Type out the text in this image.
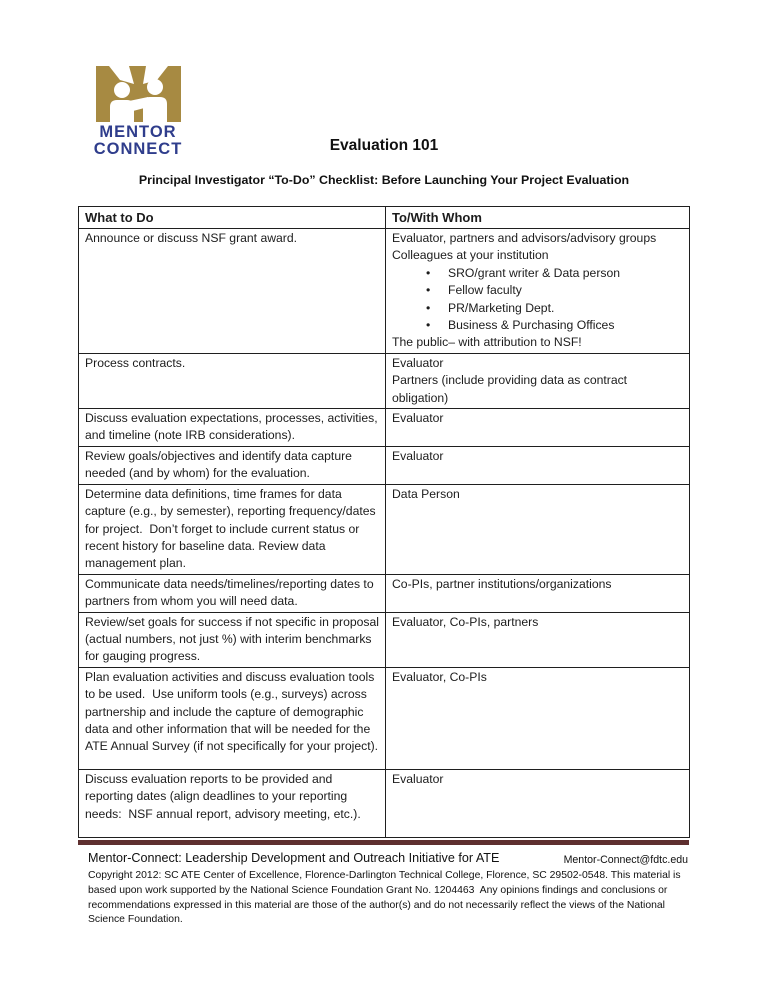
MENTOR
CONNECT	Evaluation 101
Principal Investigator “To-Do” Checklist: Before Launching Your Project Evaluation
What to Do	To/With Whom

Announce or discuss NSF grant award.	Evaluator, partners and advisors/advisory groups
Colleagues at your institution
•	SRO/grant writer & Data person
•	Fellow faculty
•	PR/Marketing Dept.
•	Business & Purchasing Offices
The public– with attribution to NSF!

Process contracts.	Evaluator
Partners (include providing data as contract obligation)

Discuss evaluation expectations, processes, activities, and timeline (note IRB considerations).	Evaluator

Review goals/objectives and identify data capture needed (and by whom) for the evaluation.	Evaluator

Determine data definitions, time frames for data capture (e.g., by semester), reporting frequency/dates for project.  Don’t forget to include current status or recent history for baseline data. Review data management plan.	Data Person

Communicate data needs/timelines/reporting dates to partners from whom you will need data.	Co-PIs, partner institutions/organizations

Review/set goals for success if not specific in proposal (actual numbers, not just %) with interim benchmarks for gauging progress.	Evaluator, Co-PIs, partners

Plan evaluation activities and discuss evaluation tools to be used.  Use uniform tools (e.g., surveys) across partnership and include the capture of demographic data and other information that will be needed for the ATE Annual Survey (if not specifically for your project).	Evaluator, Co-PIs

Discuss evaluation reports to be provided and reporting dates (align deadlines to your reporting needs:  NSF annual report, advisory meeting, etc.).	Evaluator
Mentor-Connect: Leadership Development and Outreach Initiative for ATE	Mentor-Connect@fdtc.edu
Copyright 2012: SC ATE Center of Excellence, Florence-Darlington Technical College, Florence, SC 29502-0548. This material is based upon work supported by the National Science Foundation Grant No. 1204463  Any opinions findings and conclusions or recommendations expressed in this material are those of the author(s) and do not necessarily reflect the views of the National Science Foundation.
